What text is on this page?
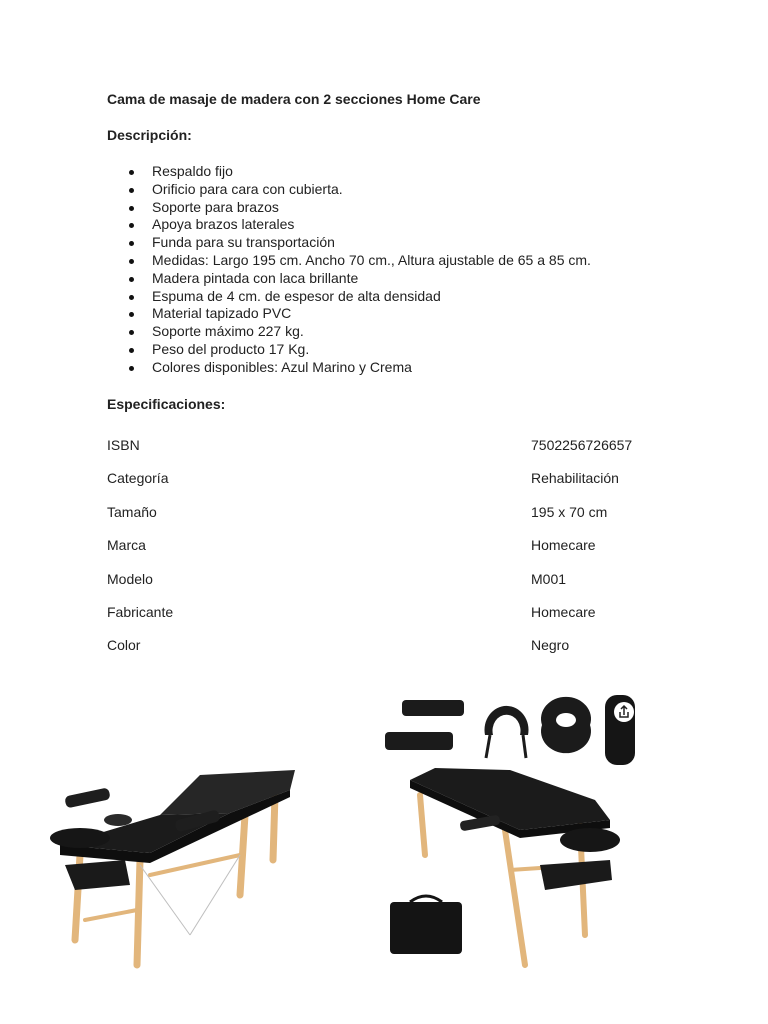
Cama de masaje de madera con 2 secciones Home Care
Descripción:
Respaldo fijo
Orificio para cara con cubierta.
Soporte para brazos
Apoya brazos laterales
Funda para su transportación
Medidas: Largo 195 cm. Ancho 70 cm., Altura ajustable de 65 a 85 cm.
Madera pintada con laca brillante
Espuma de 4 cm. de espesor de alta densidad
Material tapizado PVC
Soporte máximo 227 kg.
Peso del producto 17 Kg.
Colores disponibles: Azul Marino y Crema
Especificaciones:
ISBN	7502256726657
Categoría	Rehabilitación
Tamaño	195 x 70 cm
Marca	Homecare
Modelo	M001
Fabricante	Homecare
Color	Negro
